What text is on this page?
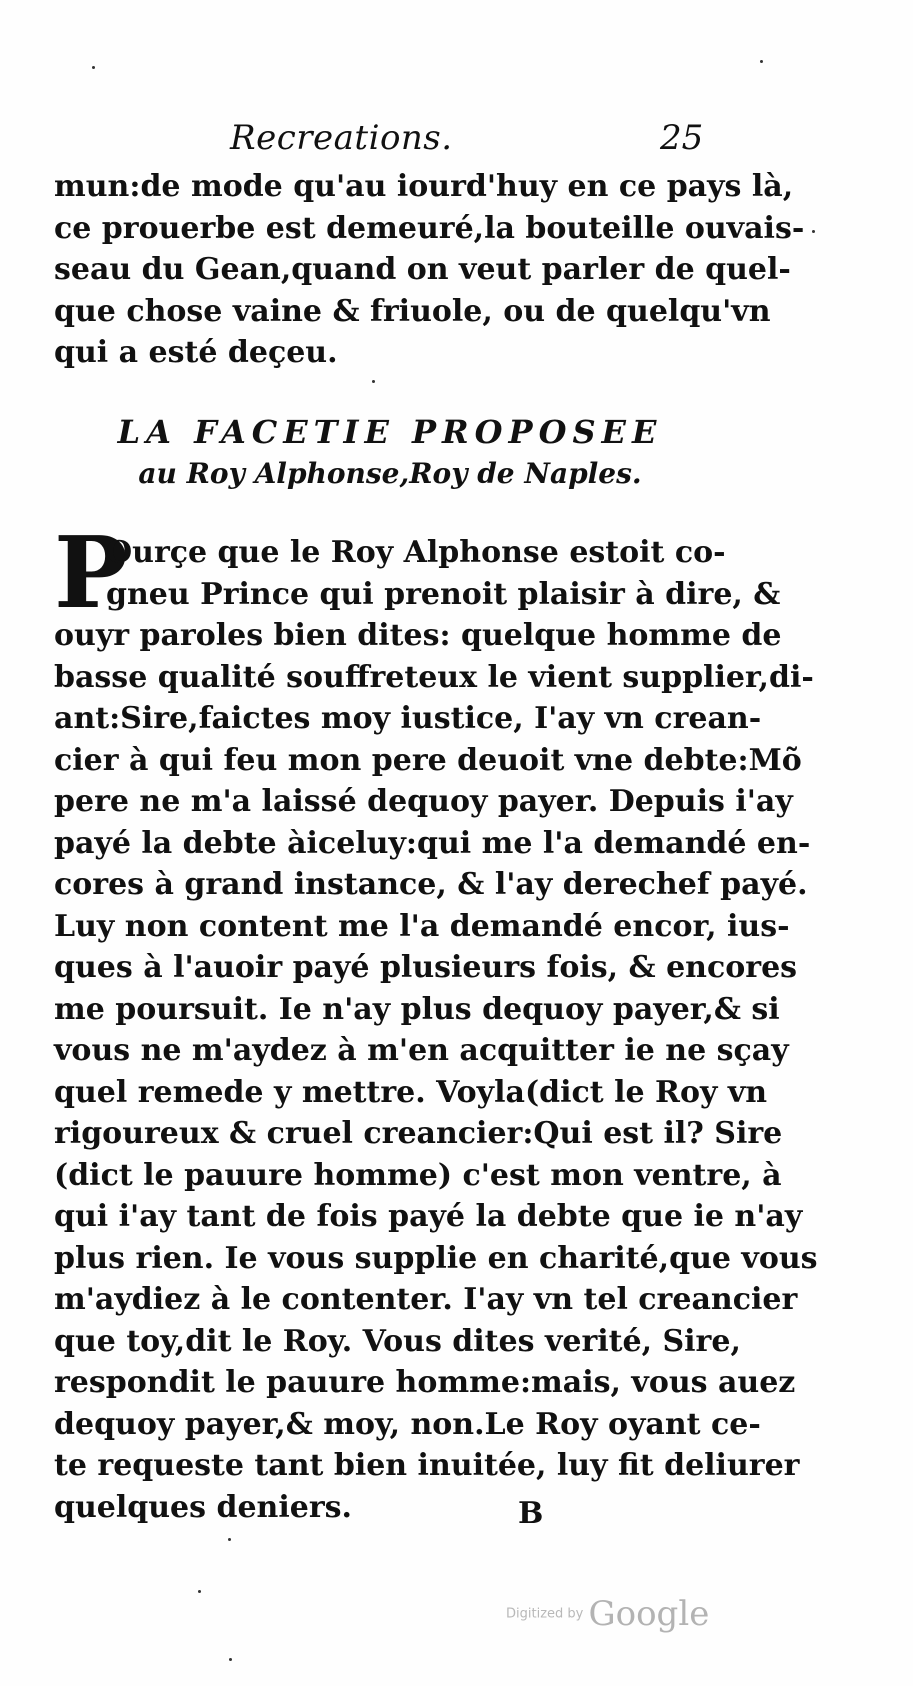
Recreations.	25
mun:de mode qu'au iourd'huy en ce pays là,
ce prouerbe est demeuré,la bouteille ouvais-
seau du Gean,quand on veut parler de quel-
que chose vaine & friuole, ou de quelqu'vn
qui a esté deçeu.
LA FACETIE PROPOSEE
au Roy Alphonse,Roy de Naples.
P
Ourçe que le Roy Alphonse estoit co-
gneu Prince qui prenoit plaisir à dire, &
ouyr paroles bien dites: quelque homme de
basse qualité souffreteux le vient supplier,di-
ant:Sire,faictes moy iustice, I'ay vn crean-
cier à qui feu mon pere deuoit vne debte:Mõ
pere ne m'a laissé dequoy payer. Depuis i'ay
payé la debte àiceluy:qui me l'a demandé en-
cores à grand instance, & l'ay derechef payé.
Luy non content me l'a demandé encor, ius-
ques à l'auoir payé plusieurs fois, & encores
me poursuit. Ie n'ay plus dequoy payer,& si
vous ne m'aydez à m'en acquitter ie ne sçay
quel remede y mettre. Voyla(dict le Roy vn
rigoureux & cruel creancier:Qui est il? Sire
(dict le pauure homme) c'est mon ventre, à
qui i'ay tant de fois payé la debte que ie n'ay
plus rien. Ie vous supplie en charité,que vous
m'aydiez à le contenter. I'ay vn tel creancier
que toy,dit le Roy. Vous dites verité, Sire,
respondit le pauure homme:mais, vous auez
dequoy payer,& moy, non.Le Roy oyant ce-
te requeste tant bien inuitée, luy fit deliurer
quelques deniers.	B
Digitized by Google
